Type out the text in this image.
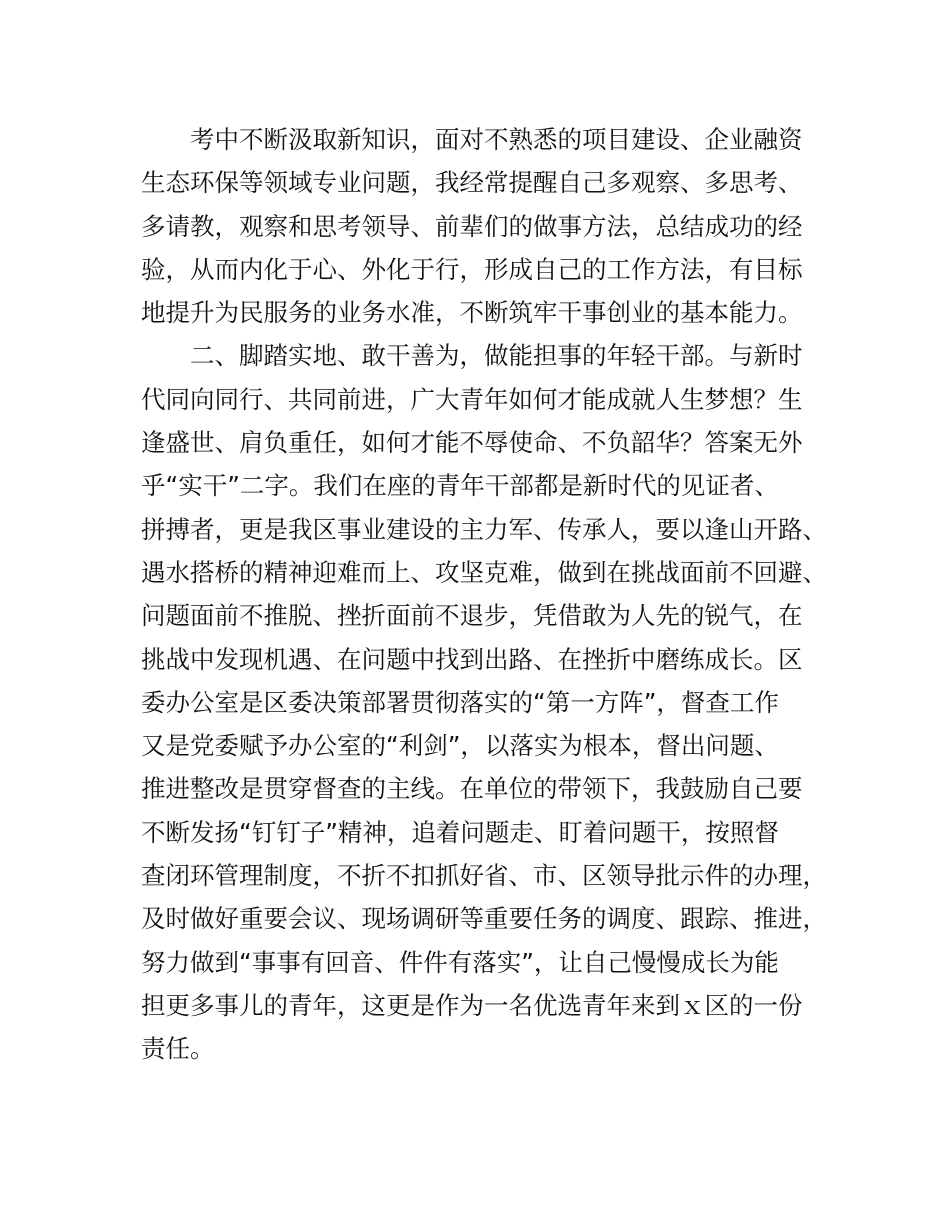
考中不断汲取新知识，面对不熟悉的项目建设、企业融资
生态环保等领域专业问题，我经常提醒自己多观察、多思考、
多请教，观察和思考领导、前辈们的做事方法，总结成功的经
验，从而内化于心、外化于行，形成自己的工作方法，有目标
地提升为民服务的业务水准，不断筑牢干事创业的基本能力。
二、脚踏实地、敢干善为，做能担事的年轻干部。与新时
代同向同行、共同前进，广大青年如何才能成就人生梦想？生
逢盛世、肩负重任，如何才能不辱使命、不负韶华？答案无外
乎“实干”二字。我们在座的青年干部都是新时代的见证者、
拼搏者，更是我区事业建设的主力军、传承人，要以逢山开路、
遇水搭桥的精神迎难而上、攻坚克难，做到在挑战面前不回避、
问题面前不推脱、挫折面前不退步，凭借敢为人先的锐气，在
挑战中发现机遇、在问题中找到出路、在挫折中磨练成长。区
委办公室是区委决策部署贯彻落实的“第一方阵”，督查工作
又是党委赋予办公室的“利剑”，以落实为根本，督出问题、
推进整改是贯穿督查的主线。在单位的带领下，我鼓励自己要
不断发扬“钉钉子”精神，追着问题走、盯着问题干，按照督
查闭环管理制度，不折不扣抓好省、市、区领导批示件的办理，
及时做好重要会议、现场调研等重要任务的调度、跟踪、推进，
努力做到“事事有回音、件件有落实”，让自己慢慢成长为能
担更多事儿的青年，这更是作为一名优选青年来到ｘ区的一份
责任。
